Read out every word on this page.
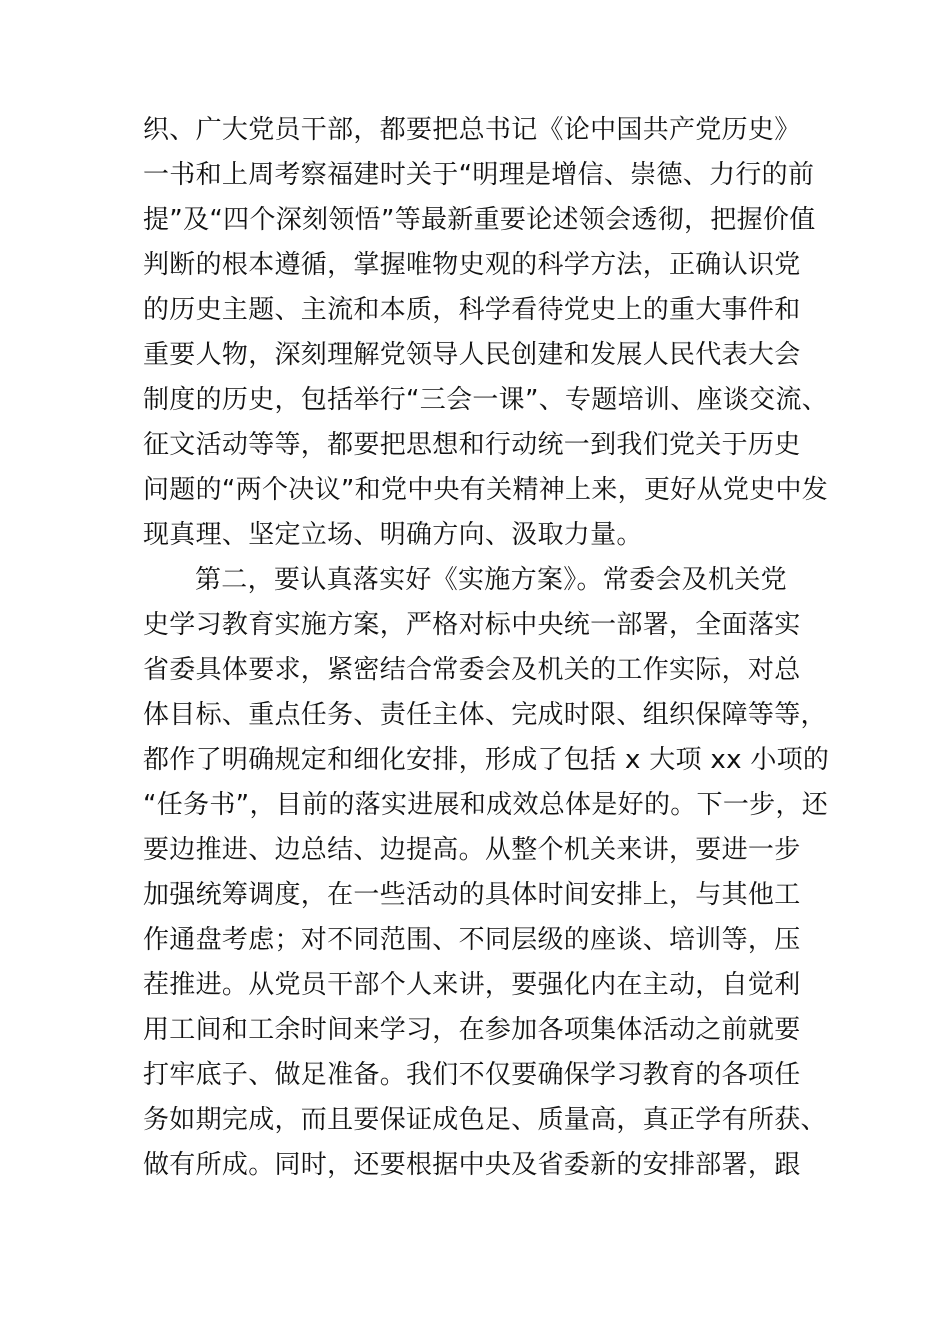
织、广大党员干部，都要把总书记《论中国共产党历史》
一书和上周考察福建时关于“明理是增信、崇德、力行的前
提”及“四个深刻领悟”等最新重要论述领会透彻，把握价值
判断的根本遵循，掌握唯物史观的科学方法，正确认识党
的历史主题、主流和本质，科学看待党史上的重大事件和
重要人物，深刻理解党领导人民创建和发展人民代表大会
制度的历史，包括举行“三会一课”、专题培训、座谈交流、
征文活动等等，都要把思想和行动统一到我们党关于历史
问题的“两个决议”和党中央有关精神上来，更好从党史中发
现真理、坚定立场、明确方向、汲取力量。
第二，要认真落实好《实施方案》。常委会及机关党
史学习教育实施方案，严格对标中央统一部署，全面落实
省委具体要求，紧密结合常委会及机关的工作实际，对总
体目标、重点任务、责任主体、完成时限、组织保障等等，
都作了明确规定和细化安排，形成了包括 x 大项 xx 小项的
“任务书”，目前的落实进展和成效总体是好的。下一步，还
要边推进、边总结、边提高。从整个机关来讲，要进一步
加强统筹调度，在一些活动的具体时间安排上，与其他工
作通盘考虑；对不同范围、不同层级的座谈、培训等，压
茬推进。从党员干部个人来讲，要强化内在主动，自觉利
用工间和工余时间来学习，在参加各项集体活动之前就要
打牢底子、做足准备。我们不仅要确保学习教育的各项任
务如期完成，而且要保证成色足、质量高，真正学有所获、
做有所成。同时，还要根据中央及省委新的安排部署，跟
